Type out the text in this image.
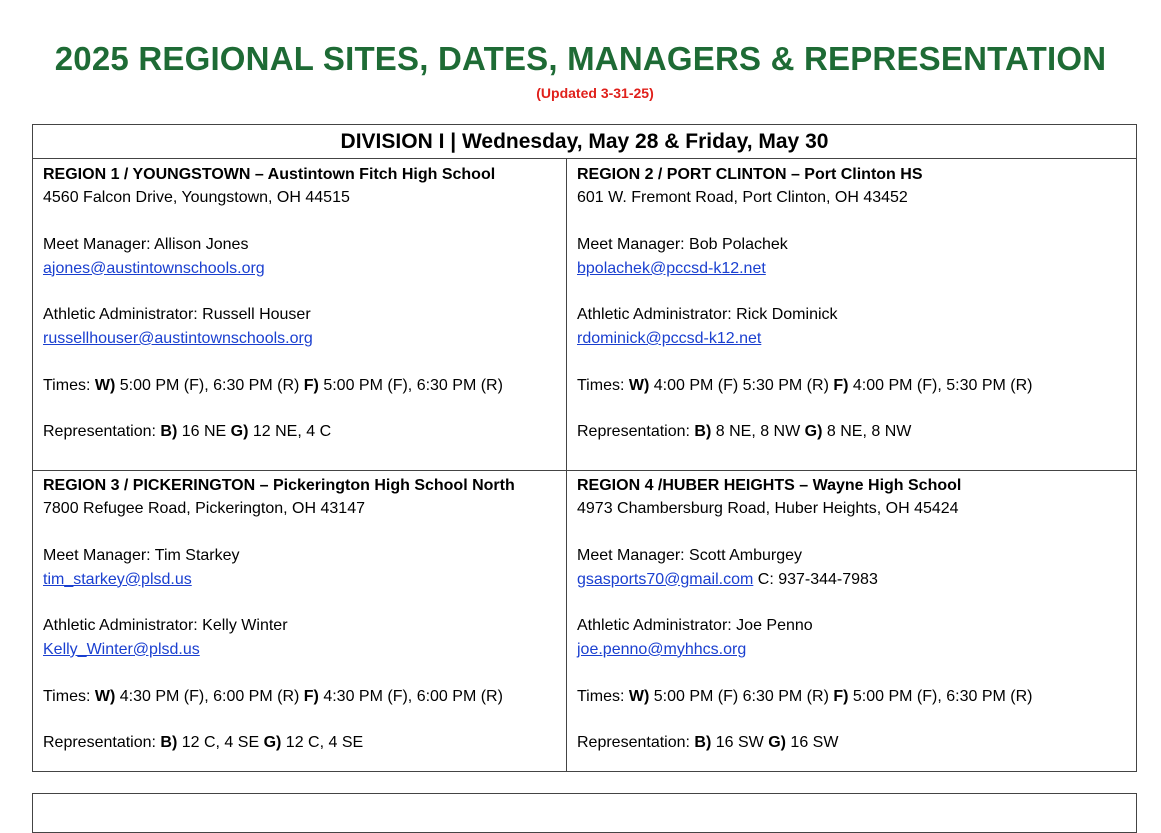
2025 REGIONAL SITES, DATES, MANAGERS & REPRESENTATION
(Updated 3-31-25)
DIVISION I | Wednesday, May 28 & Friday, May 30
REGION 1 / YOUNGSTOWN – Austintown Fitch High School
4560 Falcon Drive, Youngstown, OH 44515
Meet Manager: Allison Jones
ajones@austintownschools.org
Athletic Administrator: Russell Houser
russellhouser@austintownschools.org
Times: W) 5:00 PM (F), 6:30 PM (R) F) 5:00 PM (F), 6:30 PM (R)
Representation: B) 16 NE G) 12 NE, 4 C
REGION 2 / PORT CLINTON – Port Clinton HS
601 W. Fremont Road, Port Clinton, OH 43452
Meet Manager: Bob Polachek
bpolachek@pccsd-k12.net
Athletic Administrator: Rick Dominick
rdominick@pccsd-k12.net
Times: W) 4:00 PM (F) 5:30 PM (R) F) 4:00 PM (F), 5:30 PM (R)
Representation: B) 8 NE, 8 NW G) 8 NE, 8 NW
REGION 3 / PICKERINGTON – Pickerington High School North
7800 Refugee Road, Pickerington, OH 43147
Meet Manager: Tim Starkey
tim_starkey@plsd.us
Athletic Administrator: Kelly Winter
Kelly_Winter@plsd.us
Times: W) 4:30 PM (F), 6:00 PM (R) F) 4:30 PM (F), 6:00 PM (R)
Representation: B) 12 C, 4 SE G) 12 C, 4 SE
REGION 4 /HUBER HEIGHTS – Wayne High School
4973 Chambersburg Road, Huber Heights, OH 45424
Meet Manager: Scott Amburgey
gsasports70@gmail.com C: 937-344-7983
Athletic Administrator: Joe Penno
joe.penno@myhhcs.org
Times: W) 5:00 PM (F) 6:30 PM (R) F) 5:00 PM (F), 6:30 PM (R)
Representation: B) 16 SW G) 16 SW
